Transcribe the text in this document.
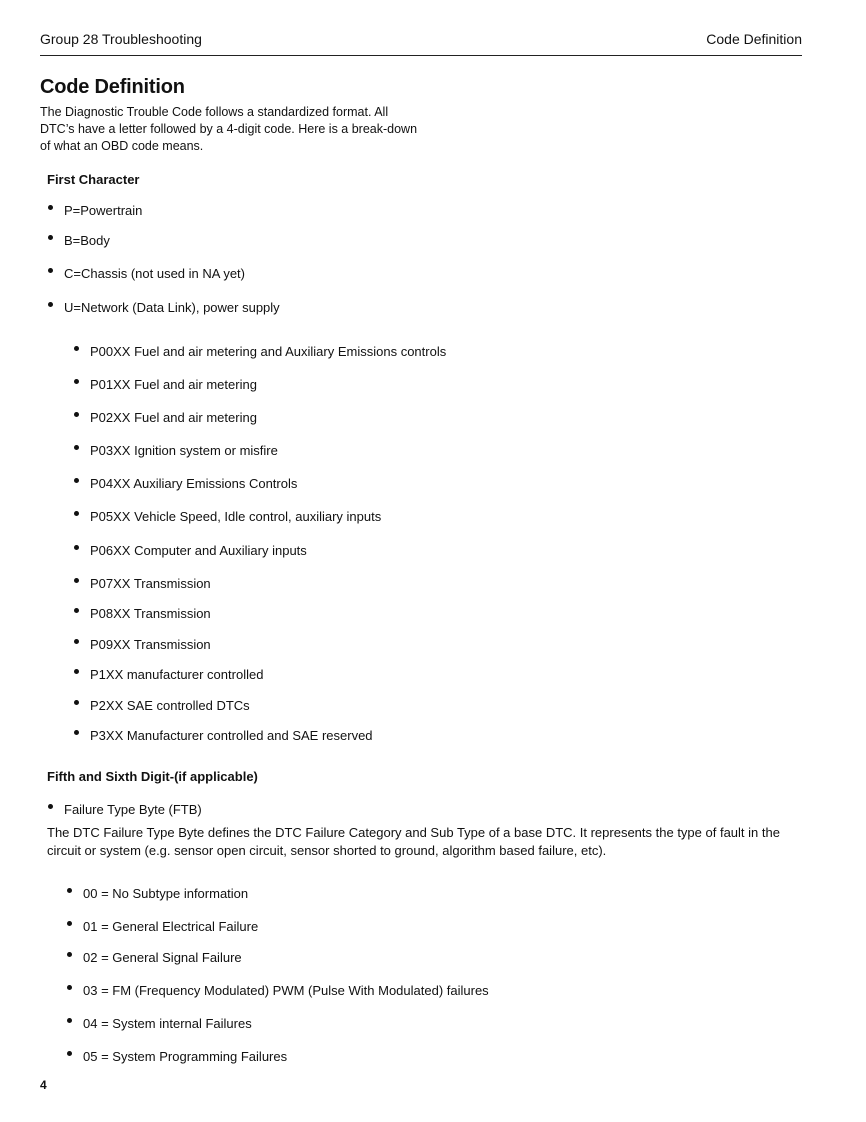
Group 28 Troubleshooting	Code Definition
Code Definition
The Diagnostic Trouble Code follows a standardized format. All DTC’s have a letter followed by a 4-digit code. Here is a break-down of what an OBD code means.
First Character
P=Powertrain
B=Body
C=Chassis (not used in NA yet)
U=Network (Data Link), power supply
P00XX Fuel and air metering and Auxiliary Emissions controls
P01XX Fuel and air metering
P02XX Fuel and air metering
P03XX Ignition system or misfire
P04XX Auxiliary Emissions Controls
P05XX Vehicle Speed, Idle control, auxiliary inputs
P06XX Computer and Auxiliary inputs
P07XX Transmission
P08XX Transmission
P09XX Transmission
P1XX manufacturer controlled
P2XX SAE controlled DTCs
P3XX Manufacturer controlled and SAE reserved
Fifth and Sixth Digit-(if applicable)
Failure Type Byte (FTB)
The DTC Failure Type Byte defines the DTC Failure Category and Sub Type of a base DTC. It represents the type of fault in the circuit or system (e.g. sensor open circuit, sensor shorted to ground, algorithm based failure, etc).
00 = No Subtype information
01 = General Electrical Failure
02 = General Signal Failure
03 = FM (Frequency Modulated) PWM (Pulse With Modulated) failures
04 = System internal Failures
05 = System Programming Failures
4
